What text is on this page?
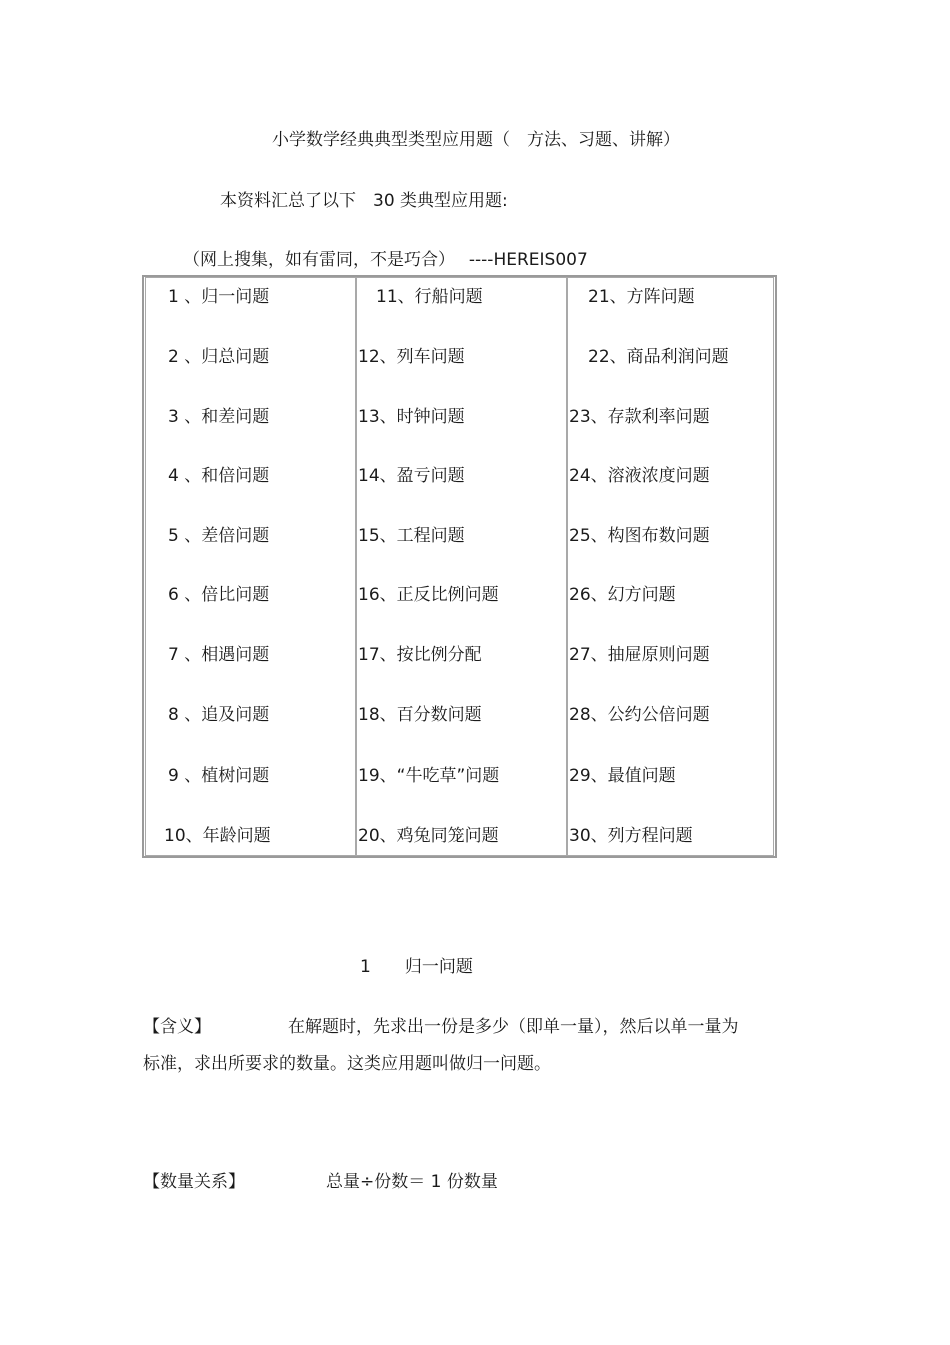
小学数学经典典型类型应用题（　方法、习题、讲解）
本资料汇总了以下　30 类典型应用题:
（网上搜集，如有雷同，不是巧合）　 ----HEREIS007
1 、归一问题
2 、归总问题
3 、和差问题
4 、和倍问题
5 、差倍问题
6 、倍比问题
7 、相遇问题
8 、追及问题
9 、植树问题
10、年龄问题
11、行船问题
12、列车问题
13、时钟问题
14、盈亏问题
15、工程问题
16、正反比例问题
17、按比例分配
18、百分数问题
19、“牛吃草”问题
20、鸡兔同笼问题
21、方阵问题
22、商品利润问题
23、存款利率问题
24、溶液浓度问题
25、构图布数问题
26、幻方问题
27、抽屉原则问题
28、公约公倍问题
29、最值问题
30、列方程问题
1　　归一问题
【含义】	在解题时，先求出一份是多少（即单一量），然后以单一量为
标准，求出所要求的数量。这类应用题叫做归一问题。
【数量关系】	总量÷份数＝ 1 份数量
